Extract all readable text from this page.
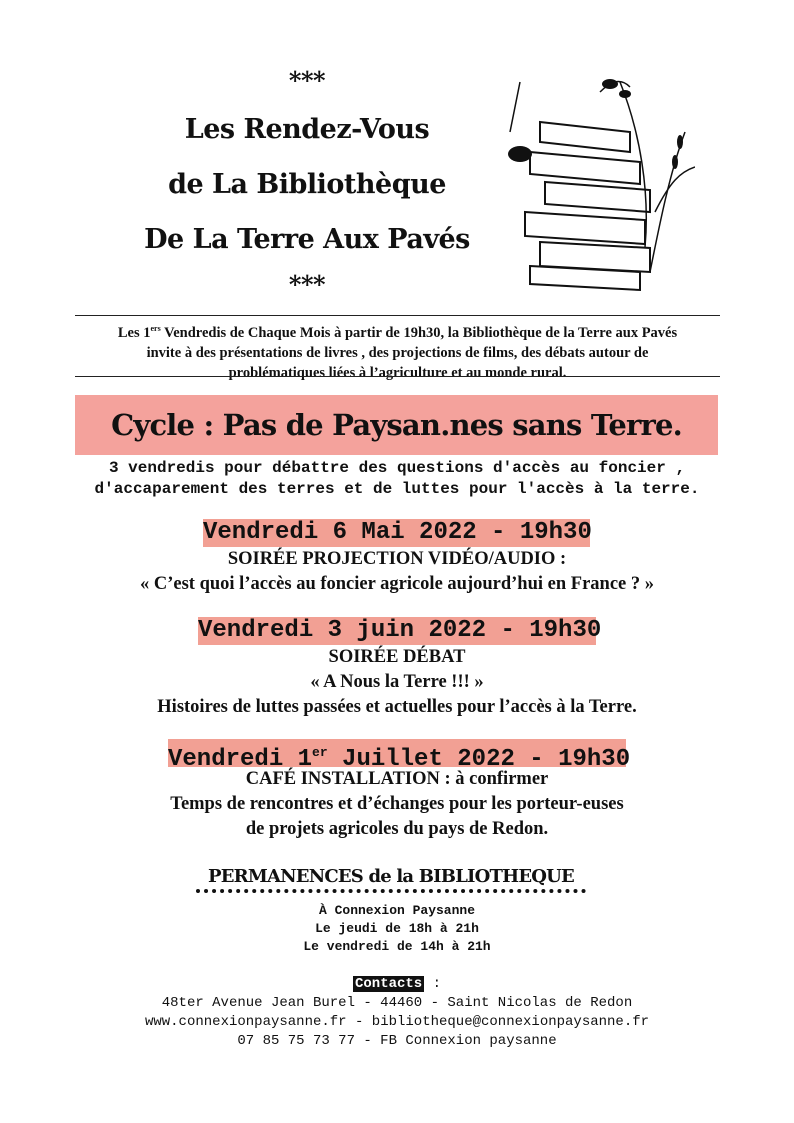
***
Les Rendez-Vous
de La Bibliothèque
De La Terre Aux Pavés
***
Les 1ers Vendredis de Chaque Mois à partir de 19h30, la Bibliothèque de la Terre aux Pavés
invite à des présentations de livres , des projections de films, des débats autour de
problématiques liées à l’agriculture et au monde rural.
Cycle : Pas de Paysan.nes sans Terre.
3 vendredis pour débattre des questions d'accès au foncier ,
d'accaparement des terres et de luttes pour l'accès à la terre.
Vendredi 6 Mai 2022 - 19h30
SOIRÉE PROJECTION VIDÉO/AUDIO :
« C’est quoi l’accès au foncier agricole aujourd’hui en France ? »
Vendredi 3 juin 2022 - 19h30
SOIRÉE DÉBAT
« A Nous la Terre !!! »
Histoires de luttes passées et actuelles pour l’accès à la Terre.
Vendredi 1er Juillet 2022 - 19h30
CAFÉ INSTALLATION : à confirmer
Temps de rencontres et d’échanges pour les porteur-euses
de projets agricoles du pays de Redon.
PERMANENCES de la BIBLIOTHEQUE
À Connexion Paysanne
Le jeudi de 18h à 21h
Le vendredi de 14h à 21h
Contacts :
48ter Avenue Jean Burel - 44460 - Saint Nicolas de Redon
www.connexionpaysanne.fr - bibliotheque@connexionpaysanne.fr
07 85 75 73 77 - FB Connexion paysanne
